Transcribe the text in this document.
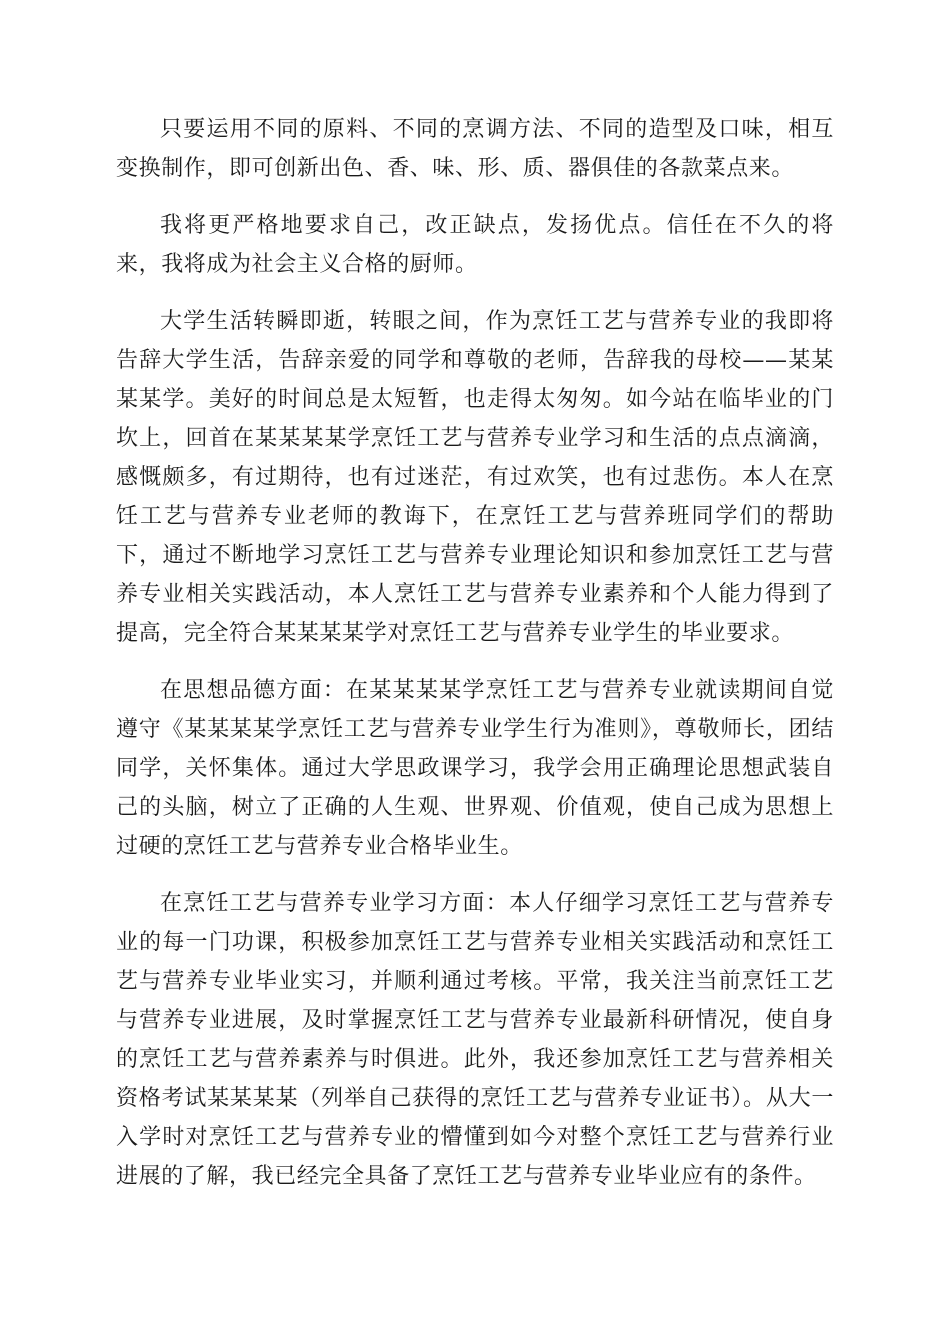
只要运用不同的原料、不同的烹调方法、不同的造型及口味，相互变换制作，即可创新出色、香、味、形、质、器俱佳的各款菜点来。

我将更严格地要求自己，改正缺点，发扬优点。信任在不久的将来，我将成为社会主义合格的厨师。

大学生活转瞬即逝，转眼之间，作为烹饪工艺与营养专业的我即将告辞大学生活，告辞亲爱的同学和尊敬的老师，告辞我的母校——某某某某学。美好的时间总是太短暂，也走得太匆匆。如今站在临毕业的门坎上，回首在某某某某学烹饪工艺与营养专业学习和生活的点点滴滴，感慨颇多，有过期待，也有过迷茫，有过欢笑，也有过悲伤。本人在烹饪工艺与营养专业老师的教诲下，在烹饪工艺与营养班同学们的帮助下，通过不断地学习烹饪工艺与营养专业理论知识和参加烹饪工艺与营养专业相关实践活动，本人烹饪工艺与营养专业素养和个人能力得到了提高，完全符合某某某某学对烹饪工艺与营养专业学生的毕业要求。

在思想品德方面：在某某某某学烹饪工艺与营养专业就读期间自觉遵守《某某某某学烹饪工艺与营养专业学生行为准则》，尊敬师长，团结同学，关怀集体。通过大学思政课学习，我学会用正确理论思想武装自己的头脑，树立了正确的人生观、世界观、价值观，使自己成为思想上过硬的烹饪工艺与营养专业合格毕业生。

在烹饪工艺与营养专业学习方面：本人仔细学习烹饪工艺与营养专业的每一门功课，积极参加烹饪工艺与营养专业相关实践活动和烹饪工艺与营养专业毕业实习，并顺利通过考核。平常，我关注当前烹饪工艺与营养专业进展，及时掌握烹饪工艺与营养专业最新科研情况，使自身的烹饪工艺与营养素养与时俱进。此外，我还参加烹饪工艺与营养相关资格考试某某某某（列举自己获得的烹饪工艺与营养专业证书）。从大一入学时对烹饪工艺与营养专业的懵懂到如今对整个烹饪工艺与营养行业进展的了解，我已经完全具备了烹饪工艺与营养专业毕业应有的条件。
